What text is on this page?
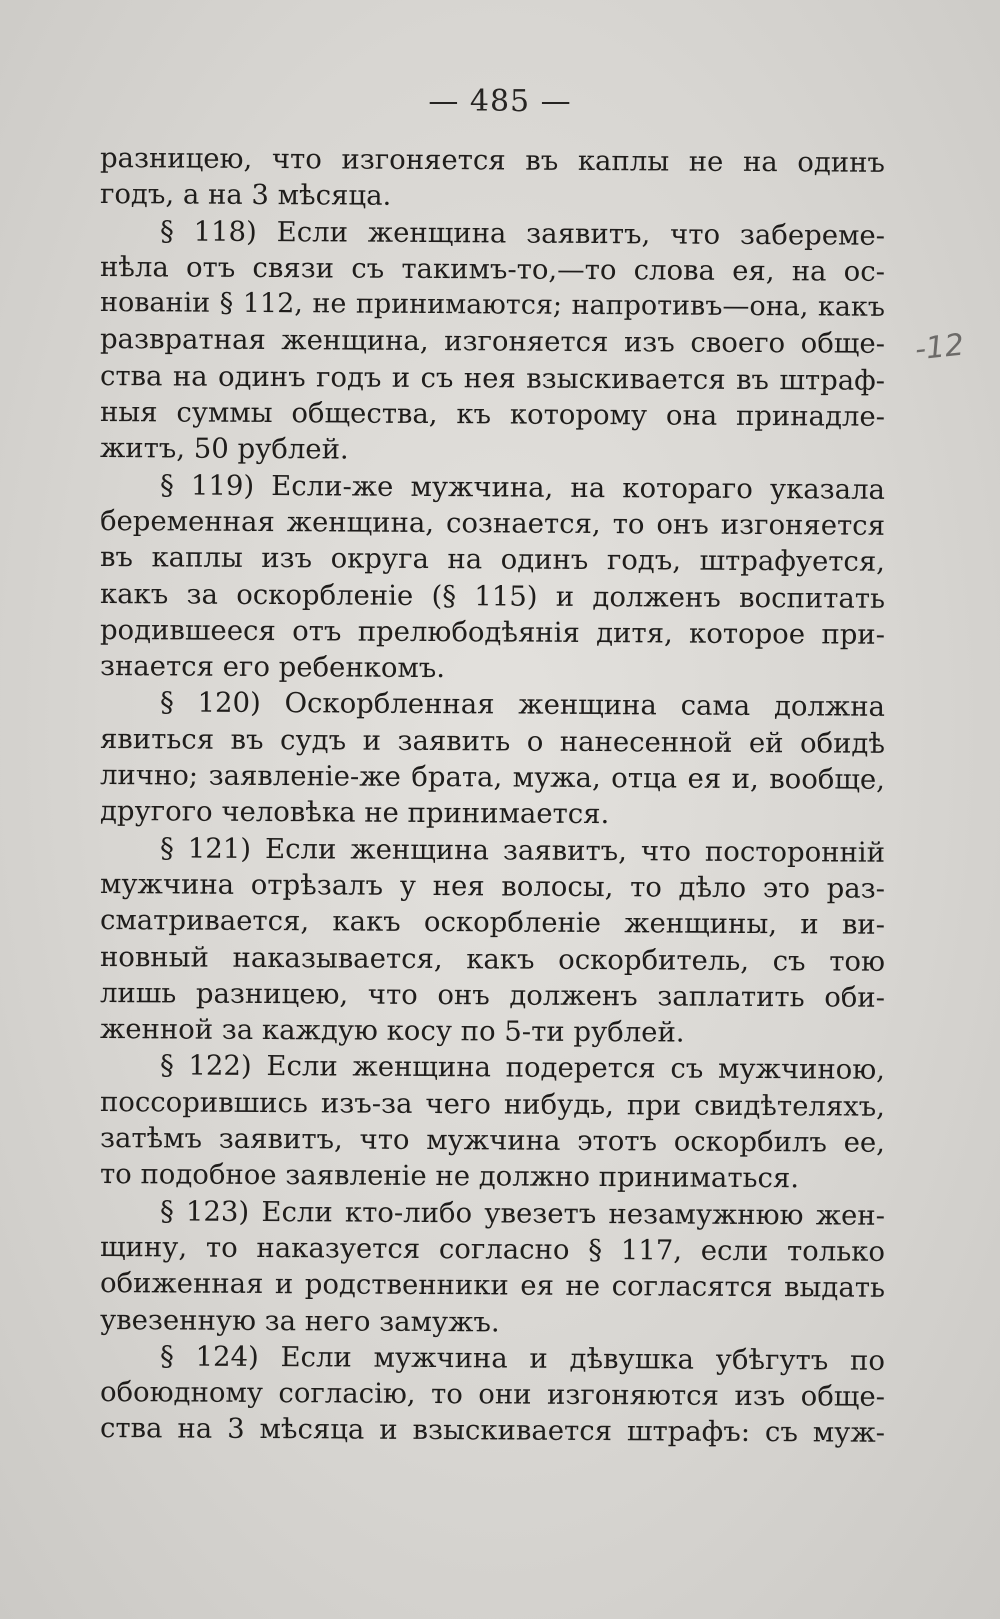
— 485 —
-12
разницею, что изгоняется въ каплы не на одинъ
годъ, а на 3 мѣсяца.
§ 118) Если женщина заявитъ, что забереме-
нѣла отъ связи съ такимъ-то,—то слова ея, на ос-
нованіи § 112, не принимаются; напротивъ—она, какъ
развратная женщина, изгоняется изъ своего обще-
ства на одинъ годъ и съ нея взыскивается въ штраф-
ныя суммы общества, къ которому она принадле-
житъ, 50 рублей.
§ 119) Если-же мужчина, на котораго указала
беременная женщина, сознается, то онъ изгоняется
въ каплы изъ округа на одинъ годъ, штрафуется,
какъ за оскорбленіе (§ 115) и долженъ воспитать
родившееся отъ прелюбодѣянія дитя, которое при-
знается его ребенкомъ.
§ 120) Оскорбленная женщина сама должна
явиться въ судъ и заявить о нанесенной ей обидѣ
лично; заявленіе-же брата, мужа, отца ея и, вообще,
другого человѣка не принимается.
§ 121) Если женщина заявитъ, что посторонній
мужчина отрѣзалъ у нея волосы, то дѣло это раз-
сматривается, какъ оскорбленіе женщины, и ви-
новный наказывается, какъ оскорбитель, съ тою
лишь разницею, что онъ долженъ заплатить оби-
женной за каждую косу по 5-ти рублей.
§ 122) Если женщина подерется съ мужчиною,
поссорившись изъ-за чего нибудь, при свидѣтеляхъ,
затѣмъ заявитъ, что мужчина этотъ оскорбилъ ее,
то подобное заявленіе не должно приниматься.
§ 123) Если кто-либо увезетъ незамужнюю жен-
щину, то наказуется согласно § 117, если только
обиженная и родственники ея не согласятся выдать
увезенную за него замужъ.
§ 124) Если мужчина и дѣвушка убѣгутъ по
обоюдному согласію, то они изгоняются изъ обще-
ства на 3 мѣсяца и взыскивается штрафъ: съ муж-
